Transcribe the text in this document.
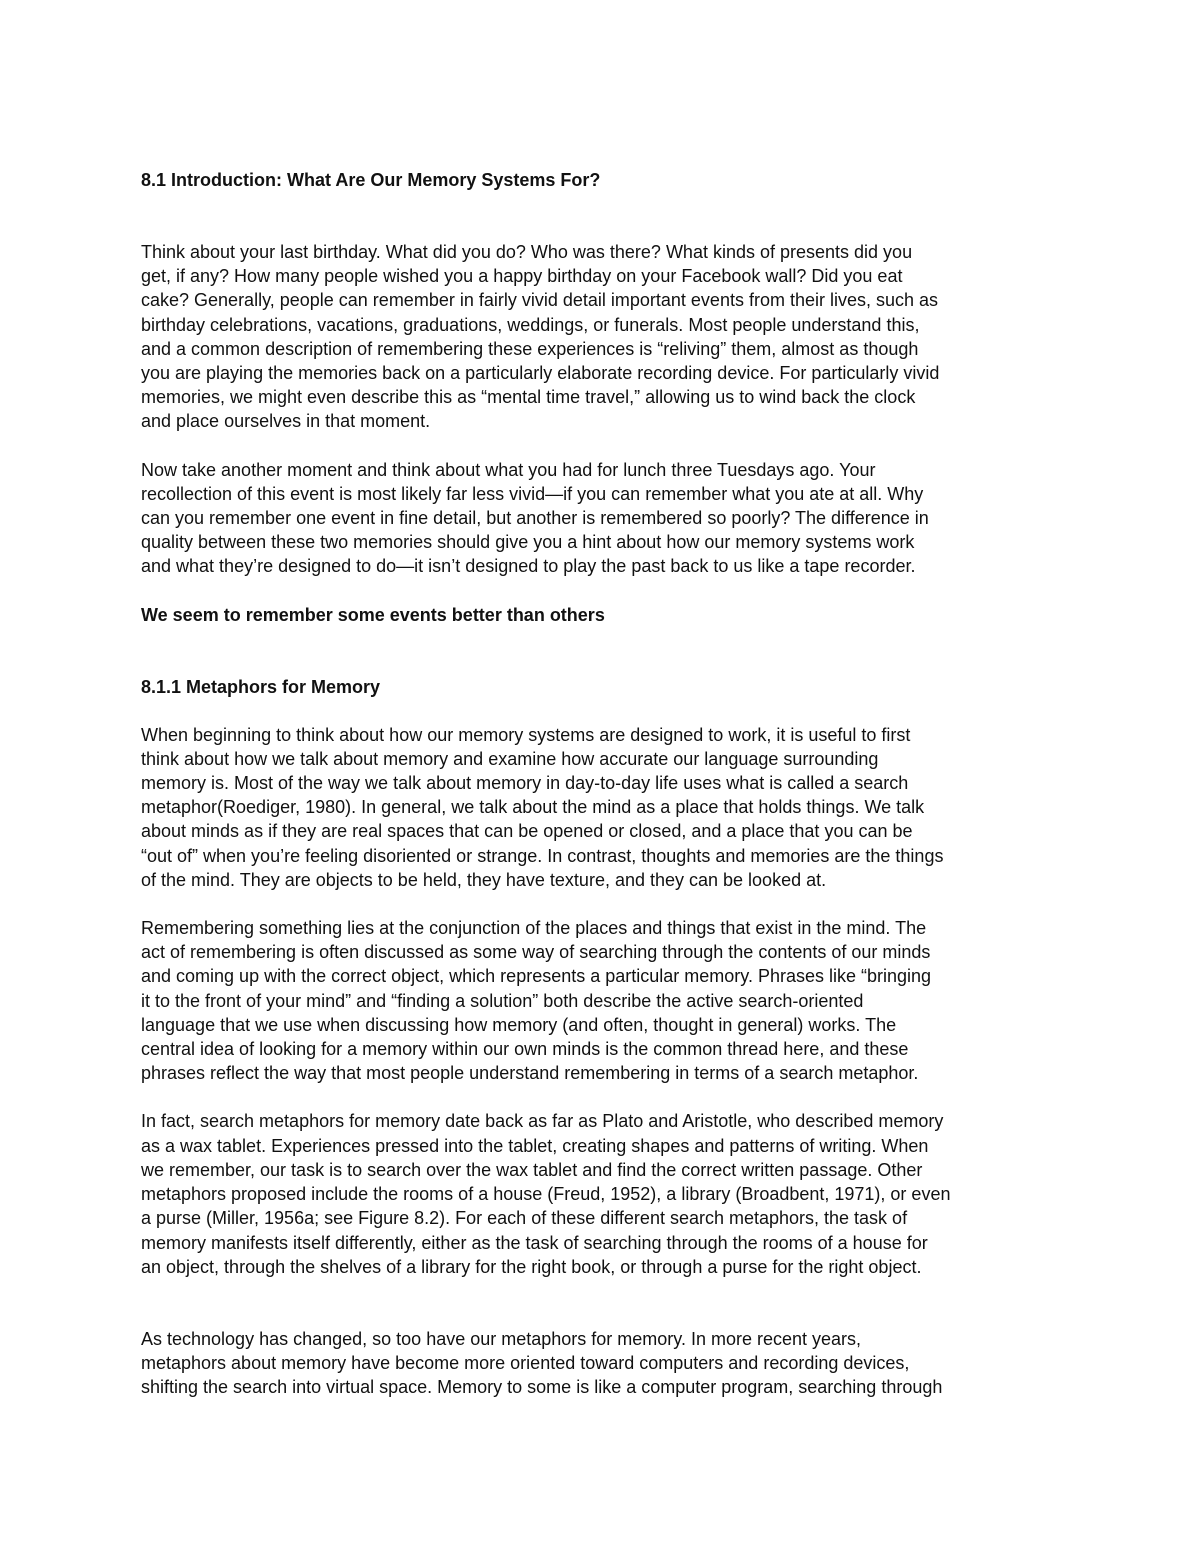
8.1 Introduction: What Are Our Memory Systems For?

Think about your last birthday. What did you do? Who was there? What kinds of presents did you
get, if any? How many people wished you a happy birthday on your Facebook wall? Did you eat
cake? Generally, people can remember in fairly vivid detail important events from their lives, such as
birthday celebrations, vacations, graduations, weddings, or funerals. Most people understand this,
and a common description of remembering these experiences is “reliving” them, almost as though
you are playing the memories back on a particularly elaborate recording device. For particularly vivid
memories, we might even describe this as “mental time travel,” allowing us to wind back the clock
and place ourselves in that moment.

Now take another moment and think about what you had for lunch three Tuesdays ago. Your
recollection of this event is most likely far less vivid—if you can remember what you ate at all. Why
can you remember one event in fine detail, but another is remembered so poorly? The difference in
quality between these two memories should give you a hint about how our memory systems work
and what they’re designed to do—it isn’t designed to play the past back to us like a tape recorder.

We seem to remember some events better than others

8.1.1 Metaphors for Memory

When beginning to think about how our memory systems are designed to work, it is useful to first
think about how we talk about memory and examine how accurate our language surrounding
memory is. Most of the way we talk about memory in day-to-day life uses what is called a search
metaphor(Roediger, 1980). In general, we talk about the mind as a place that holds things. We talk
about minds as if they are real spaces that can be opened or closed, and a place that you can be
“out of” when you’re feeling disoriented or strange. In contrast, thoughts and memories are the things
of the mind. They are objects to be held, they have texture, and they can be looked at.

Remembering something lies at the conjunction of the places and things that exist in the mind. The
act of remembering is often discussed as some way of searching through the contents of our minds
and coming up with the correct object, which represents a particular memory. Phrases like “bringing
it to the front of your mind” and “finding a solution” both describe the active search-oriented
language that we use when discussing how memory (and often, thought in general) works. The
central idea of looking for a memory within our own minds is the common thread here, and these
phrases reflect the way that most people understand remembering in terms of a search metaphor.

In fact, search metaphors for memory date back as far as Plato and Aristotle, who described memory
as a wax tablet. Experiences pressed into the tablet, creating shapes and patterns of writing. When
we remember, our task is to search over the wax tablet and find the correct written passage. Other
metaphors proposed include the rooms of a house (Freud, 1952), a library (Broadbent, 1971), or even
a purse (Miller, 1956a; see Figure 8.2). For each of these different search metaphors, the task of
memory manifests itself differently, either as the task of searching through the rooms of a house for
an object, through the shelves of a library for the right book, or through a purse for the right object.

As technology has changed, so too have our metaphors for memory. In more recent years,
metaphors about memory have become more oriented toward computers and recording devices,
shifting the search into virtual space. Memory to some is like a computer program, searching through
